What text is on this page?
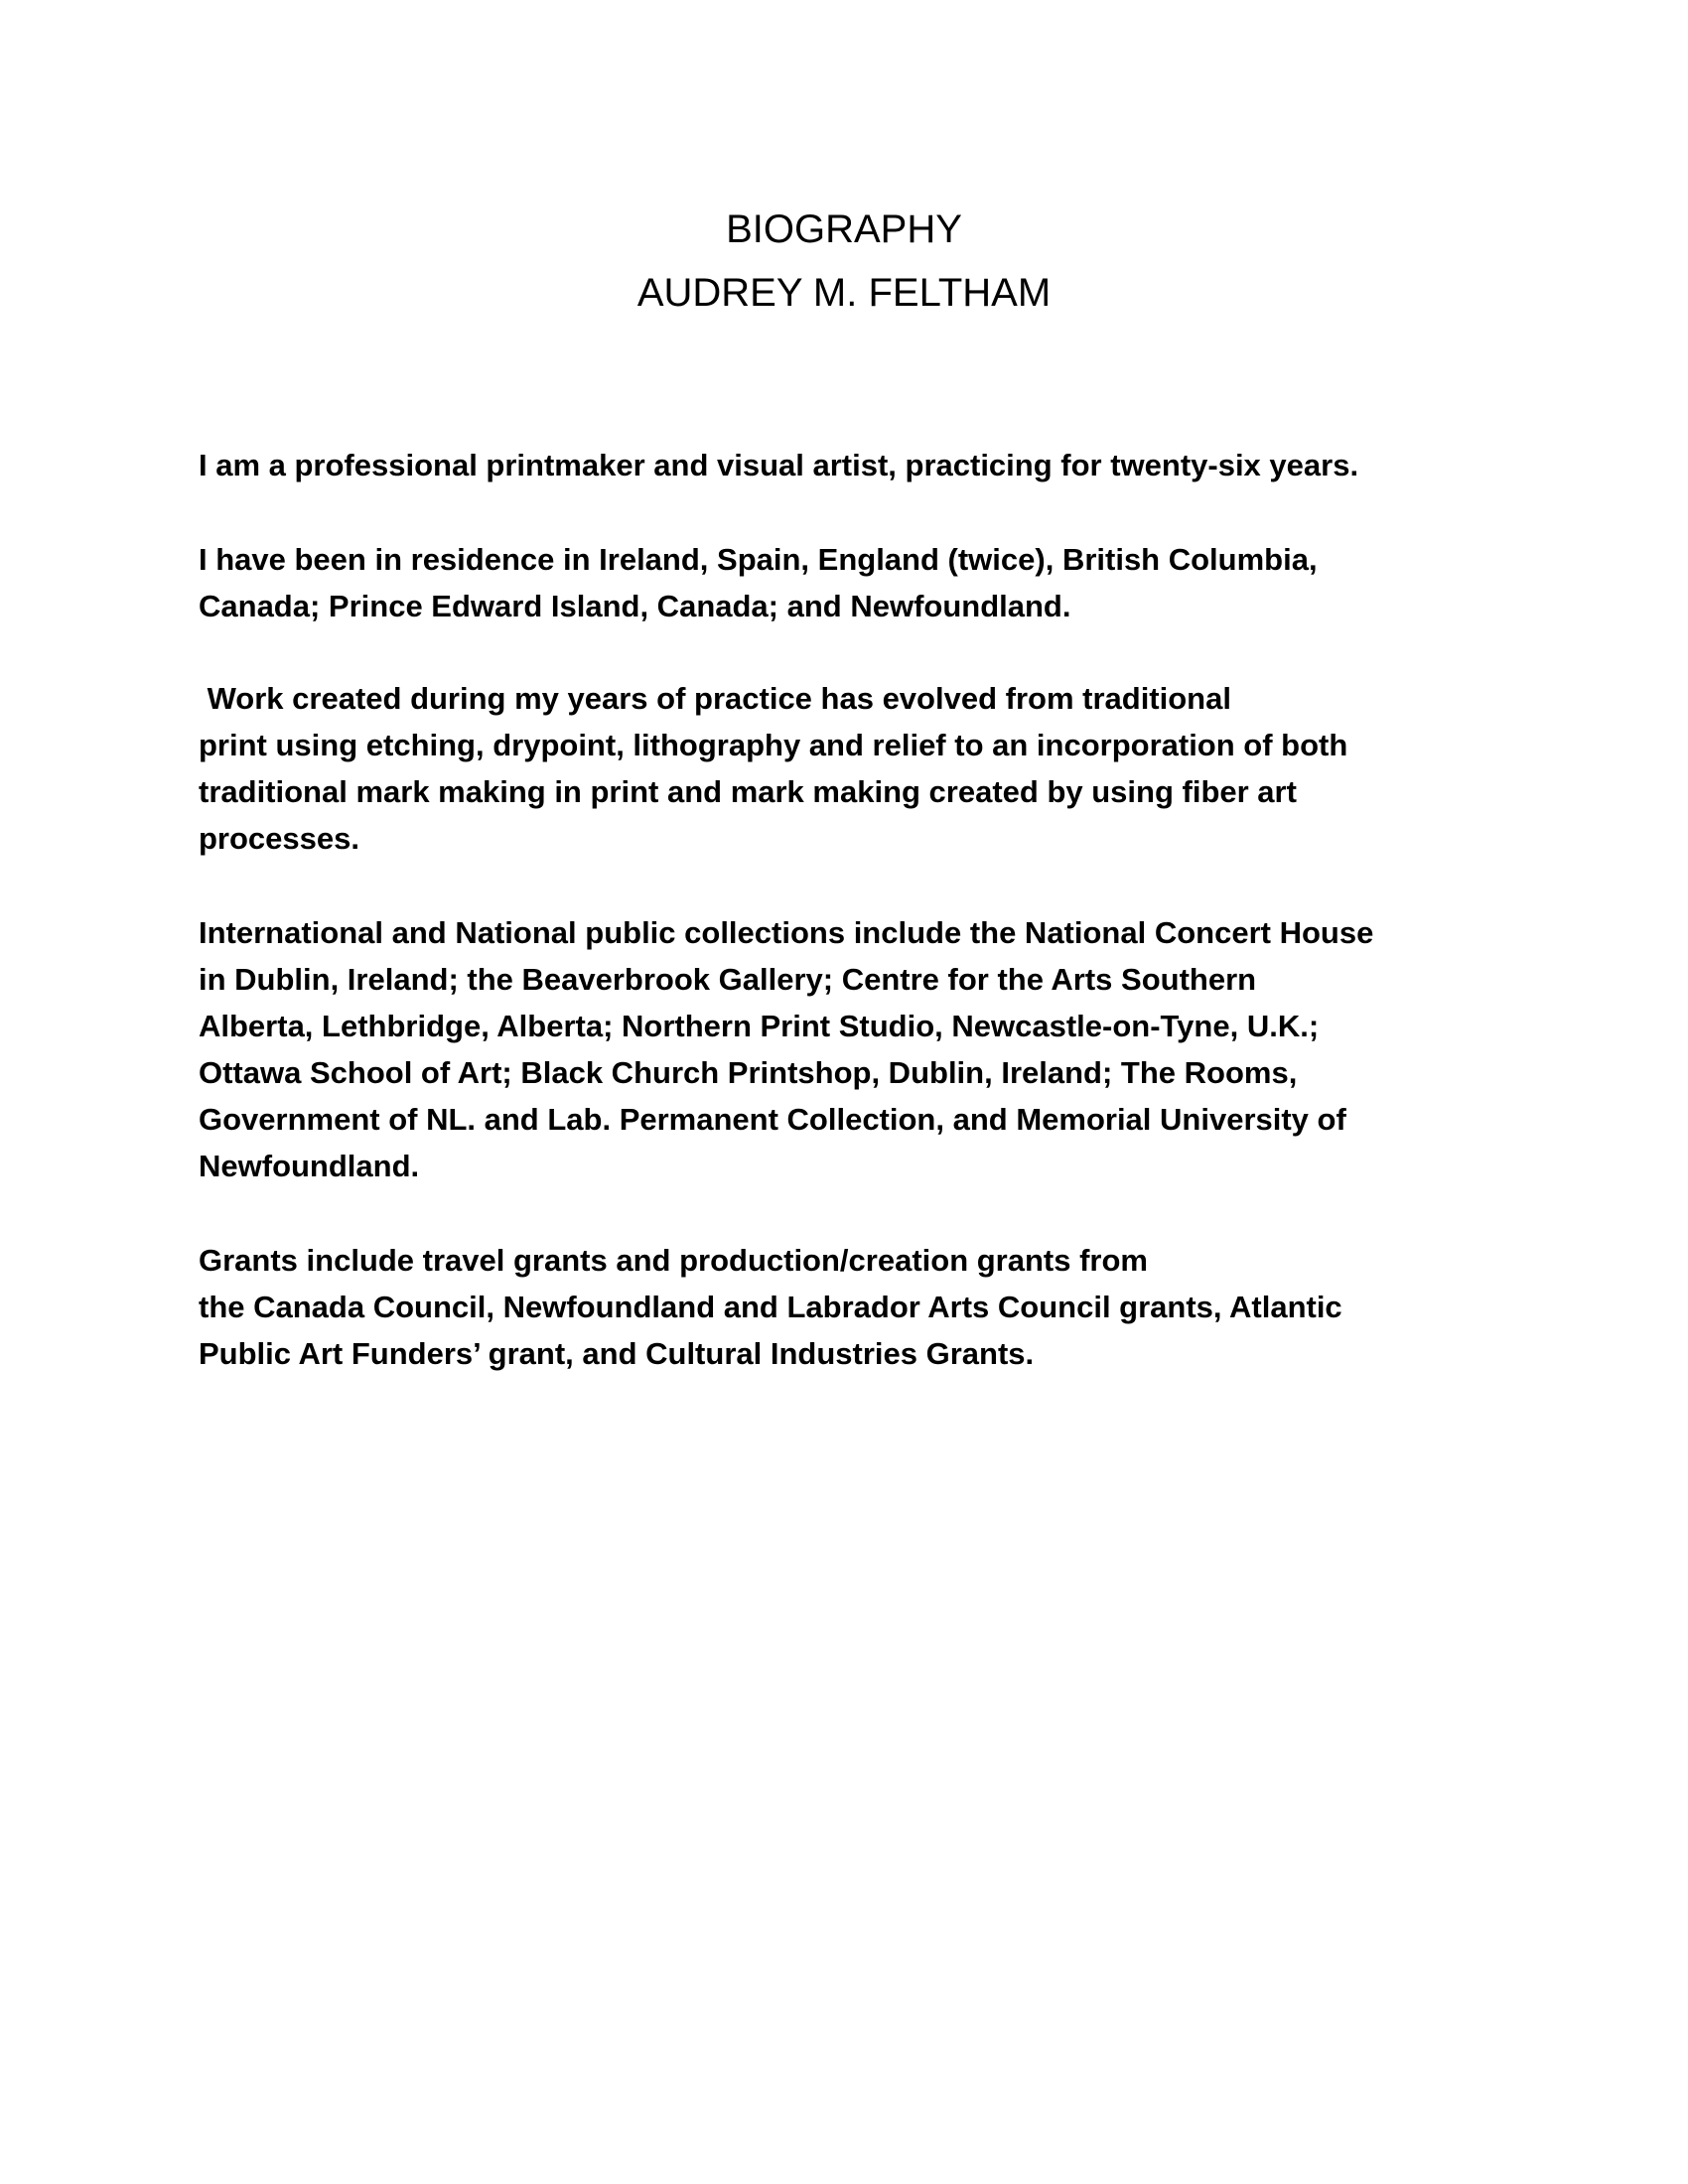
BIOGRAPHY
AUDREY M. FELTHAM

I am a professional printmaker and visual artist, practicing for twenty-six years.

I have been in residence in Ireland, Spain, England (twice), British Columbia,
Canada; Prince Edward Island, Canada; and Newfoundland.

Work created during my years of practice has evolved from traditional
print using etching, drypoint, lithography and relief to an incorporation of both
traditional mark making in print and mark making created by using fiber art
processes.

International and National public collections include the National Concert House
in Dublin, Ireland; the Beaverbrook Gallery; Centre for the Arts Southern
Alberta, Lethbridge, Alberta; Northern Print Studio, Newcastle-on-Tyne, U.K.;
Ottawa School of Art; Black Church Printshop, Dublin, Ireland; The Rooms,
Government of NL. and Lab. Permanent Collection, and Memorial University of
Newfoundland.

Grants include travel grants and production/creation grants from
the Canada Council, Newfoundland and Labrador Arts Council grants, Atlantic
Public Art Funders’ grant, and Cultural Industries Grants.
